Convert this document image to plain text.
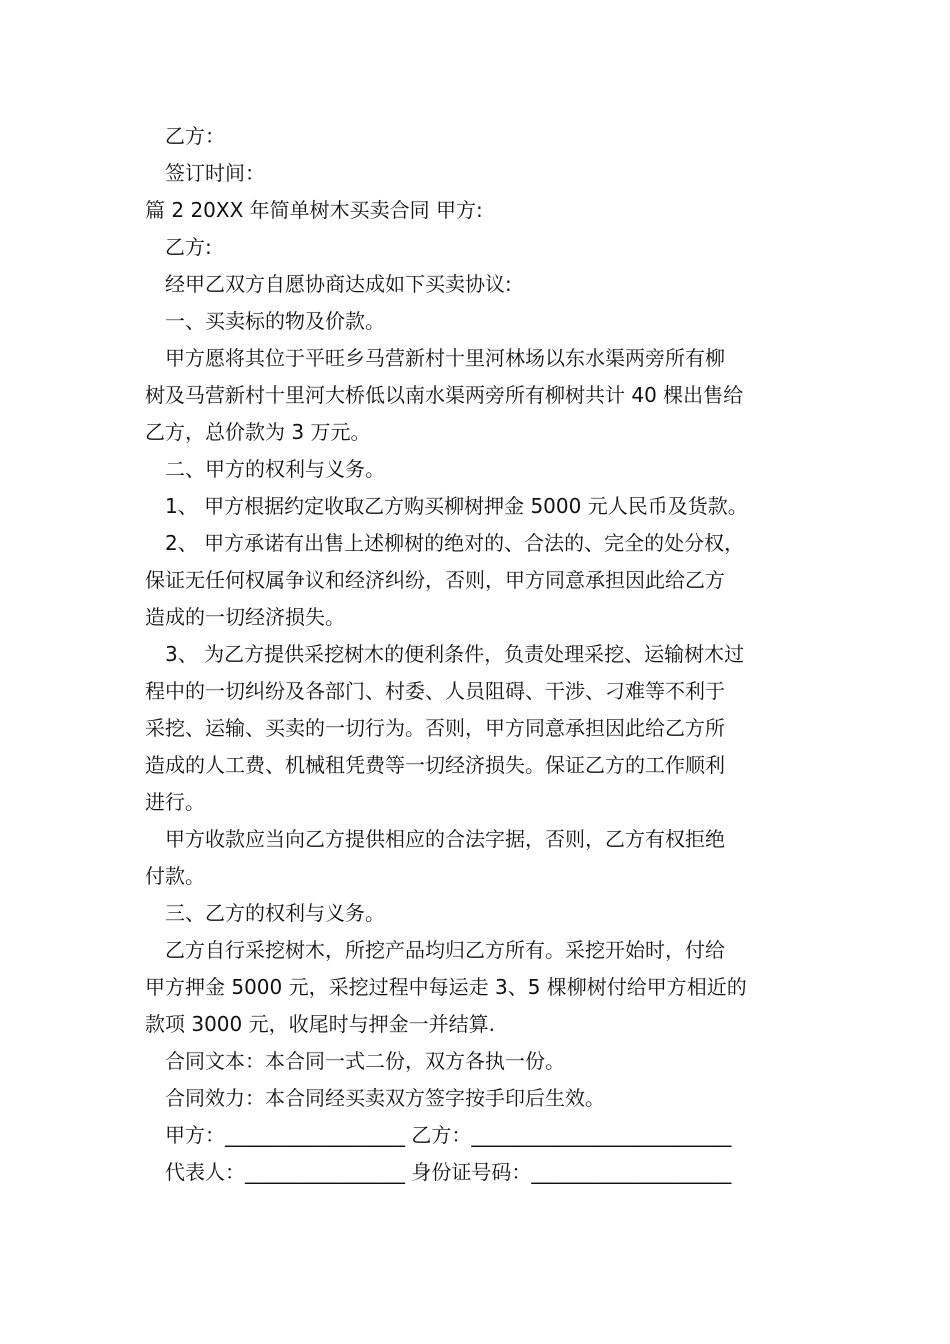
乙方：

签订时间：

篇 2 20XX 年简单树木买卖合同 甲方:

乙方:

经甲乙双方自愿协商达成如下买卖协议:

一、买卖标的物及价款。

甲方愿将其位于平旺乡马营新村十里河林场以东水渠两旁所有柳

树及马营新村十里河大桥低以南水渠两旁所有柳树共计 40 棵出售给

乙方，总价款为 3 万元。

二、甲方的权利与义务。

1、 甲方根据约定收取乙方购买柳树押金 5000 元人民币及货款。

2、 甲方承诺有出售上述柳树的绝对的、合法的、完全的处分权，

保证无任何权属争议和经济纠纷，否则，甲方同意承担因此给乙方

造成的一切经济损失。

3、 为乙方提供采挖树木的便利条件，负责处理采挖、运输树木过

程中的一切纠纷及各部门、村委、人员阻碍、干涉、刁难等不利于

采挖、运输、买卖的一切行为。否则，甲方同意承担因此给乙方所

造成的人工费、机械租凭费等一切经济损失。保证乙方的工作顺利

进行。

甲方收款应当向乙方提供相应的合法字据，否则，乙方有权拒绝

付款。

三、乙方的权利与义务。

乙方自行采挖树木，所挖产品均归乙方所有。采挖开始时，付给

甲方押金 5000 元，采挖过程中每运走 3、5 棵柳树付给甲方相近的

款项 3000 元，收尾时与押金一并结算.

合同文本：本合同一式二份，双方各执一份。

合同效力：本合同经买卖双方签字按手印后生效。

甲方：__________________ 乙方：__________________________

代表人：________________ 身份证号码：____________________
